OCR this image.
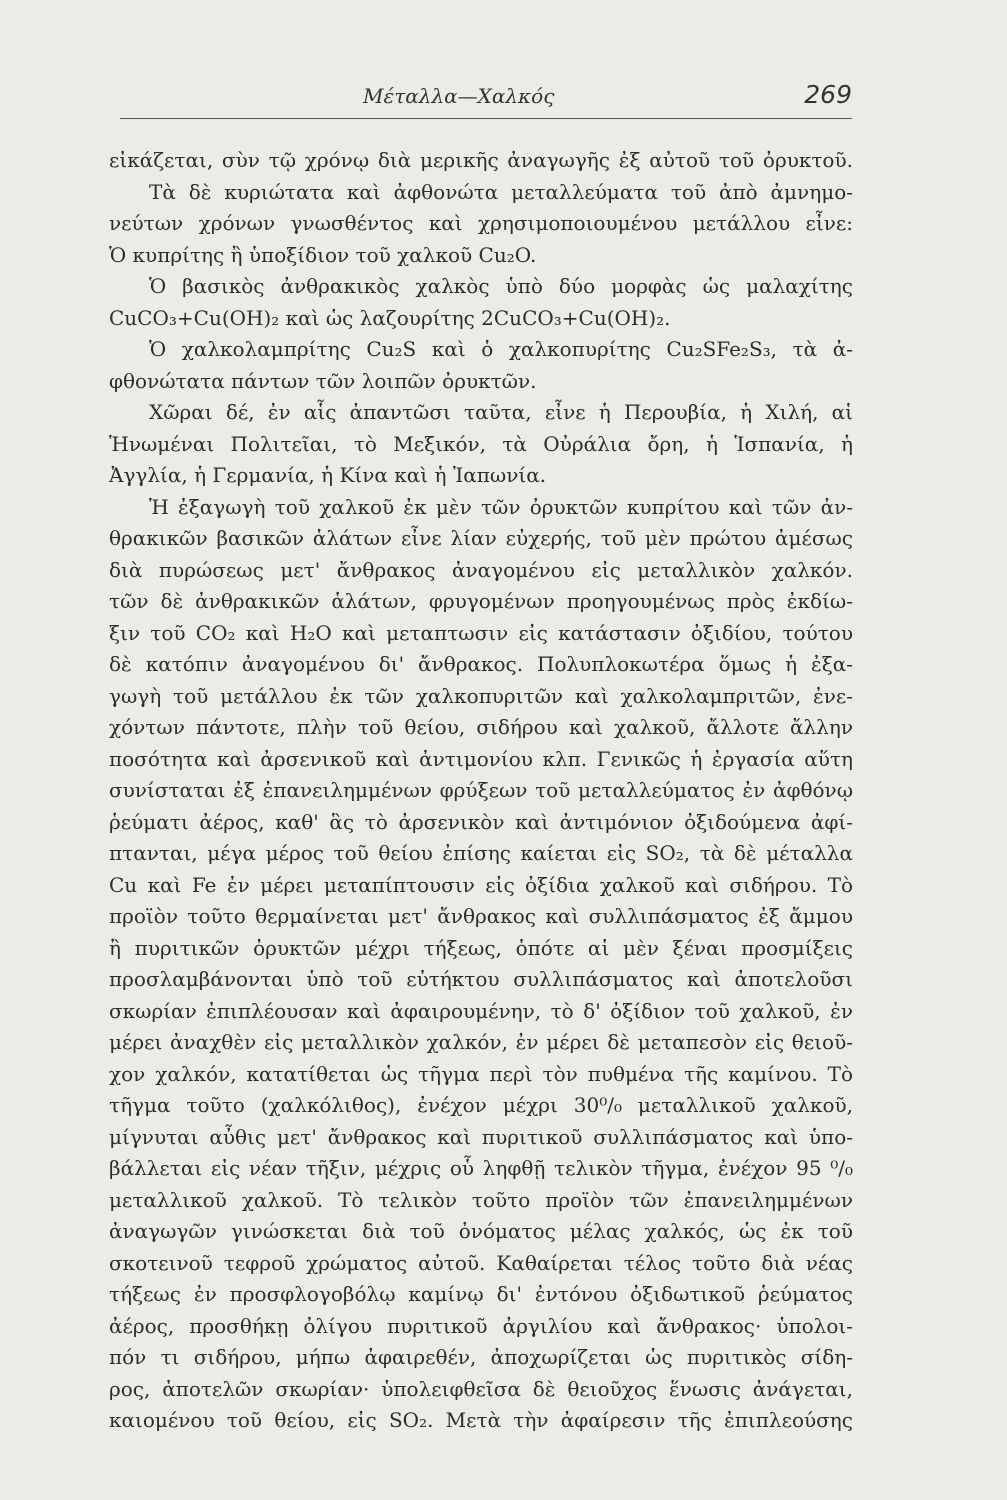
Μέταλλα—Χαλκός	269
εἰκάζεται, σὺν τῷ χρόνῳ διὰ μερικῆς ἀναγωγῆς ἐξ αὐτοῦ τοῦ ὀρυκτοῦ.
Τὰ δὲ κυριώτατα καὶ ἀφθονώτα μεταλλεύματα τοῦ ἀπὸ ἀμνημο-
νεύτων χρόνων γνωσθέντος καὶ χρησιμοποιουμένου μετάλλου εἶνε:
Ὁ κυπρίτης ἢ ὑποξίδιον τοῦ χαλκοῦ Cu₂O.
Ὁ βασικὸς ἀνθρακικὸς χαλκὸς ὑπὸ δύο μορφὰς ὡς μαλαχίτης
CuCO₃+Cu(OH)₂ καὶ ὡς λαζουρίτης 2CuCO₃+Cu(OH)₂.
Ὁ χαλκολαμπρίτης Cu₂S καὶ ὁ χαλκοπυρίτης Cu₂SFe₂S₃, τὰ ἀ-
φθονώτατα πάντων τῶν λοιπῶν ὀρυκτῶν.
Χῶραι δέ, ἐν αἷς ἀπαντῶσι ταῦτα, εἶνε ἡ Περουβία, ἡ Χιλή, αἱ
Ἡνωμέναι Πολιτεῖαι, τὸ Μεξικόν, τὰ Οὐράλια ὄρη, ἡ Ἱσπανία, ἡ
Ἀγγλία, ἡ Γερμανία, ἡ Κίνα καὶ ἡ Ἰαπωνία.
Ἡ ἐξαγωγὴ τοῦ χαλκοῦ ἐκ μὲν τῶν ὀρυκτῶν κυπρίτου καὶ τῶν ἀν-
θρακικῶν βασικῶν ἁλάτων εἶνε λίαν εὐχερής, τοῦ μὲν πρώτου ἀμέσως
διὰ πυρώσεως μετ' ἄνθρακος ἀναγομένου εἰς μεταλλικὸν χαλκόν.
τῶν δὲ ἀνθρακικῶν ἁλάτων, φρυγομένων προηγουμένως πρὸς ἐκδίω-
ξιν τοῦ CO₂ καὶ H₂O καὶ μεταπτωσιν εἰς κατάστασιν ὀξιδίου, τούτου
δὲ κατόπιν ἀναγομένου δι' ἄνθρακος. Πολυπλοκωτέρα ὅμως ἡ ἐξα-
γωγὴ τοῦ μετάλλου ἐκ τῶν χαλκοπυριτῶν καὶ χαλκολαμπριτῶν, ἐνε-
χόντων πάντοτε, πλὴν τοῦ θείου, σιδήρου καὶ χαλκοῦ, ἄλλοτε ἄλλην
ποσότητα καὶ ἀρσενικοῦ καὶ ἀντιμονίου κλπ. Γενικῶς ἡ ἐργασία αὕτη
συνίσταται ἐξ ἐπανειλημμένων φρύξεων τοῦ μεταλλεύματος ἐν ἀφθόνῳ
ῥεύματι ἀέρος, καθ' ἃς τὸ ἀρσενικὸν καὶ ἀντιμόνιον ὀξιδούμενα ἀφί-
πτανται, μέγα μέρος τοῦ θείου ἐπίσης καίεται εἰς SO₂, τὰ δὲ μέταλλα
Cu καὶ Fe ἐν μέρει μεταπίπτουσιν εἰς ὀξίδια χαλκοῦ καὶ σιδήρου. Τὸ
προϊὸν τοῦτο θερμαίνεται μετ' ἄνθρακος καὶ συλλιπάσματος ἐξ ἄμμου
ἢ πυριτικῶν ὀρυκτῶν μέχρι τήξεως, ὁπότε αἱ μὲν ξέναι προσμίξεις
προσλαμβάνονται ὑπὸ τοῦ εὐτήκτου συλλιπάσματος καὶ ἀποτελοῦσι
σκωρίαν ἐπιπλέουσαν καὶ ἀφαιρουμένην, τὸ δ' ὀξίδιον τοῦ χαλκοῦ, ἐν
μέρει ἀναχθὲν εἰς μεταλλικὸν χαλκόν, ἐν μέρει δὲ μεταπεσὸν εἰς θειοῦ-
χον χαλκόν, κατατίθεται ὡς τῆγμα περὶ τὸν πυθμένα τῆς καμίνου. Τὸ
τῆγμα τοῦτο (χαλκόλιθος), ἐνέχον μέχρι 30⁰/₀ μεταλλικοῦ χαλκοῦ,
μίγνυται αὖθις μετ' ἄνθρακος καὶ πυριτικοῦ συλλιπάσματος καὶ ὑπο-
βάλλεται εἰς νέαν τῆξιν, μέχρις οὗ ληφθῇ τελικὸν τῆγμα, ἐνέχον 95 ⁰/₀
μεταλλικοῦ χαλκοῦ. Τὸ τελικὸν τοῦτο προϊὸν τῶν ἐπανειλημμένων
ἀναγωγῶν γινώσκεται διὰ τοῦ ὀνόματος μέλας χαλκός, ὡς ἐκ τοῦ
σκοτεινοῦ τεφροῦ χρώματος αὐτοῦ. Καθαίρεται τέλος τοῦτο διὰ νέας
τήξεως ἐν προσφλογοβόλῳ καμίνῳ δι' ἐντόνου ὀξιδωτικοῦ ῥεύματος
ἀέρος, προσθήκῃ ὀλίγου πυριτικοῦ ἀργιλίου καὶ ἄνθρακος· ὑπολοι-
πόν τι σιδήρου, μήπω ἀφαιρεθέν, ἀποχωρίζεται ὡς πυριτικὸς σίδη-
ρος, ἀποτελῶν σκωρίαν· ὑπολειφθεῖσα δὲ θειοῦχος ἕνωσις ἀνάγεται,
καιομένου τοῦ θείου, εἰς SO₂. Μετὰ τὴν ἀφαίρεσιν τῆς ἐπιπλεούσης
